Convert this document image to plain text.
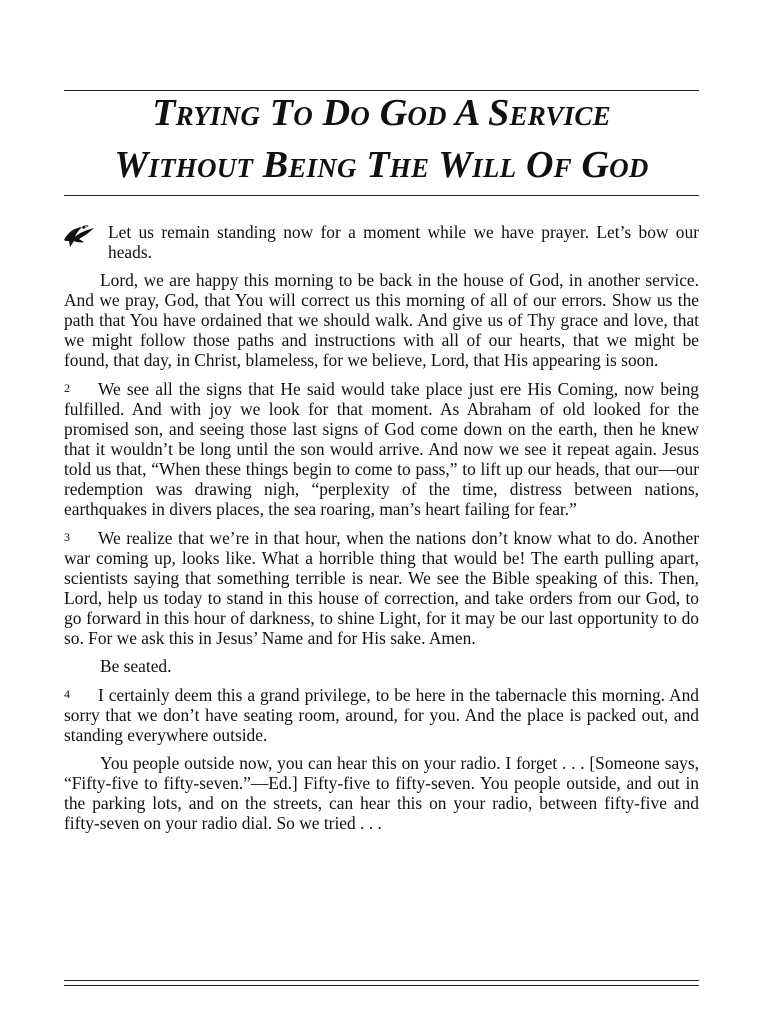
Trying To Do God A Service
Without Being The Will Of God

Let us remain standing now for a moment while we have prayer. Let’s bow our heads.

Lord, we are happy this morning to be back in the house of God, in another service. And we pray, God, that You will correct us this morning of all of our errors. Show us the path that You have ordained that we should walk. And give us of Thy grace and love, that we might follow those paths and instructions with all of our hearts, that we might be found, that day, in Christ, blameless, for we believe, Lord, that His appearing is soon.

2 We see all the signs that He said would take place just ere His Coming, now being fulfilled. And with joy we look for that moment. As Abraham of old looked for the promised son, and seeing those last signs of God come down on the earth, then he knew that it wouldn’t be long until the son would arrive. And now we see it repeat again. Jesus told us that, “When these things begin to come to pass,” to lift up our heads, that our—our redemption was drawing nigh, “perplexity of the time, distress between nations, earthquakes in divers places, the sea roaring, man’s heart failing for fear.”

3 We realize that we’re in that hour, when the nations don’t know what to do. Another war coming up, looks like. What a horrible thing that would be! The earth pulling apart, scientists saying that something terrible is near. We see the Bible speaking of this. Then, Lord, help us today to stand in this house of correction, and take orders from our God, to go forward in this hour of darkness, to shine Light, for it may be our last opportunity to do so. For we ask this in Jesus’ Name and for His sake. Amen.

Be seated.

4 I certainly deem this a grand privilege, to be here in the tabernacle this morning. And sorry that we don’t have seating room, around, for you. And the place is packed out, and standing everywhere outside.

You people outside now, you can hear this on your radio. I forget . . . [Someone says, “Fifty-five to fifty-seven.”—Ed.] Fifty-five to fifty-seven. You people outside, and out in the parking lots, and on the streets, can hear this on your radio, between fifty-five and fifty-seven on your radio dial. So we tried . . .
